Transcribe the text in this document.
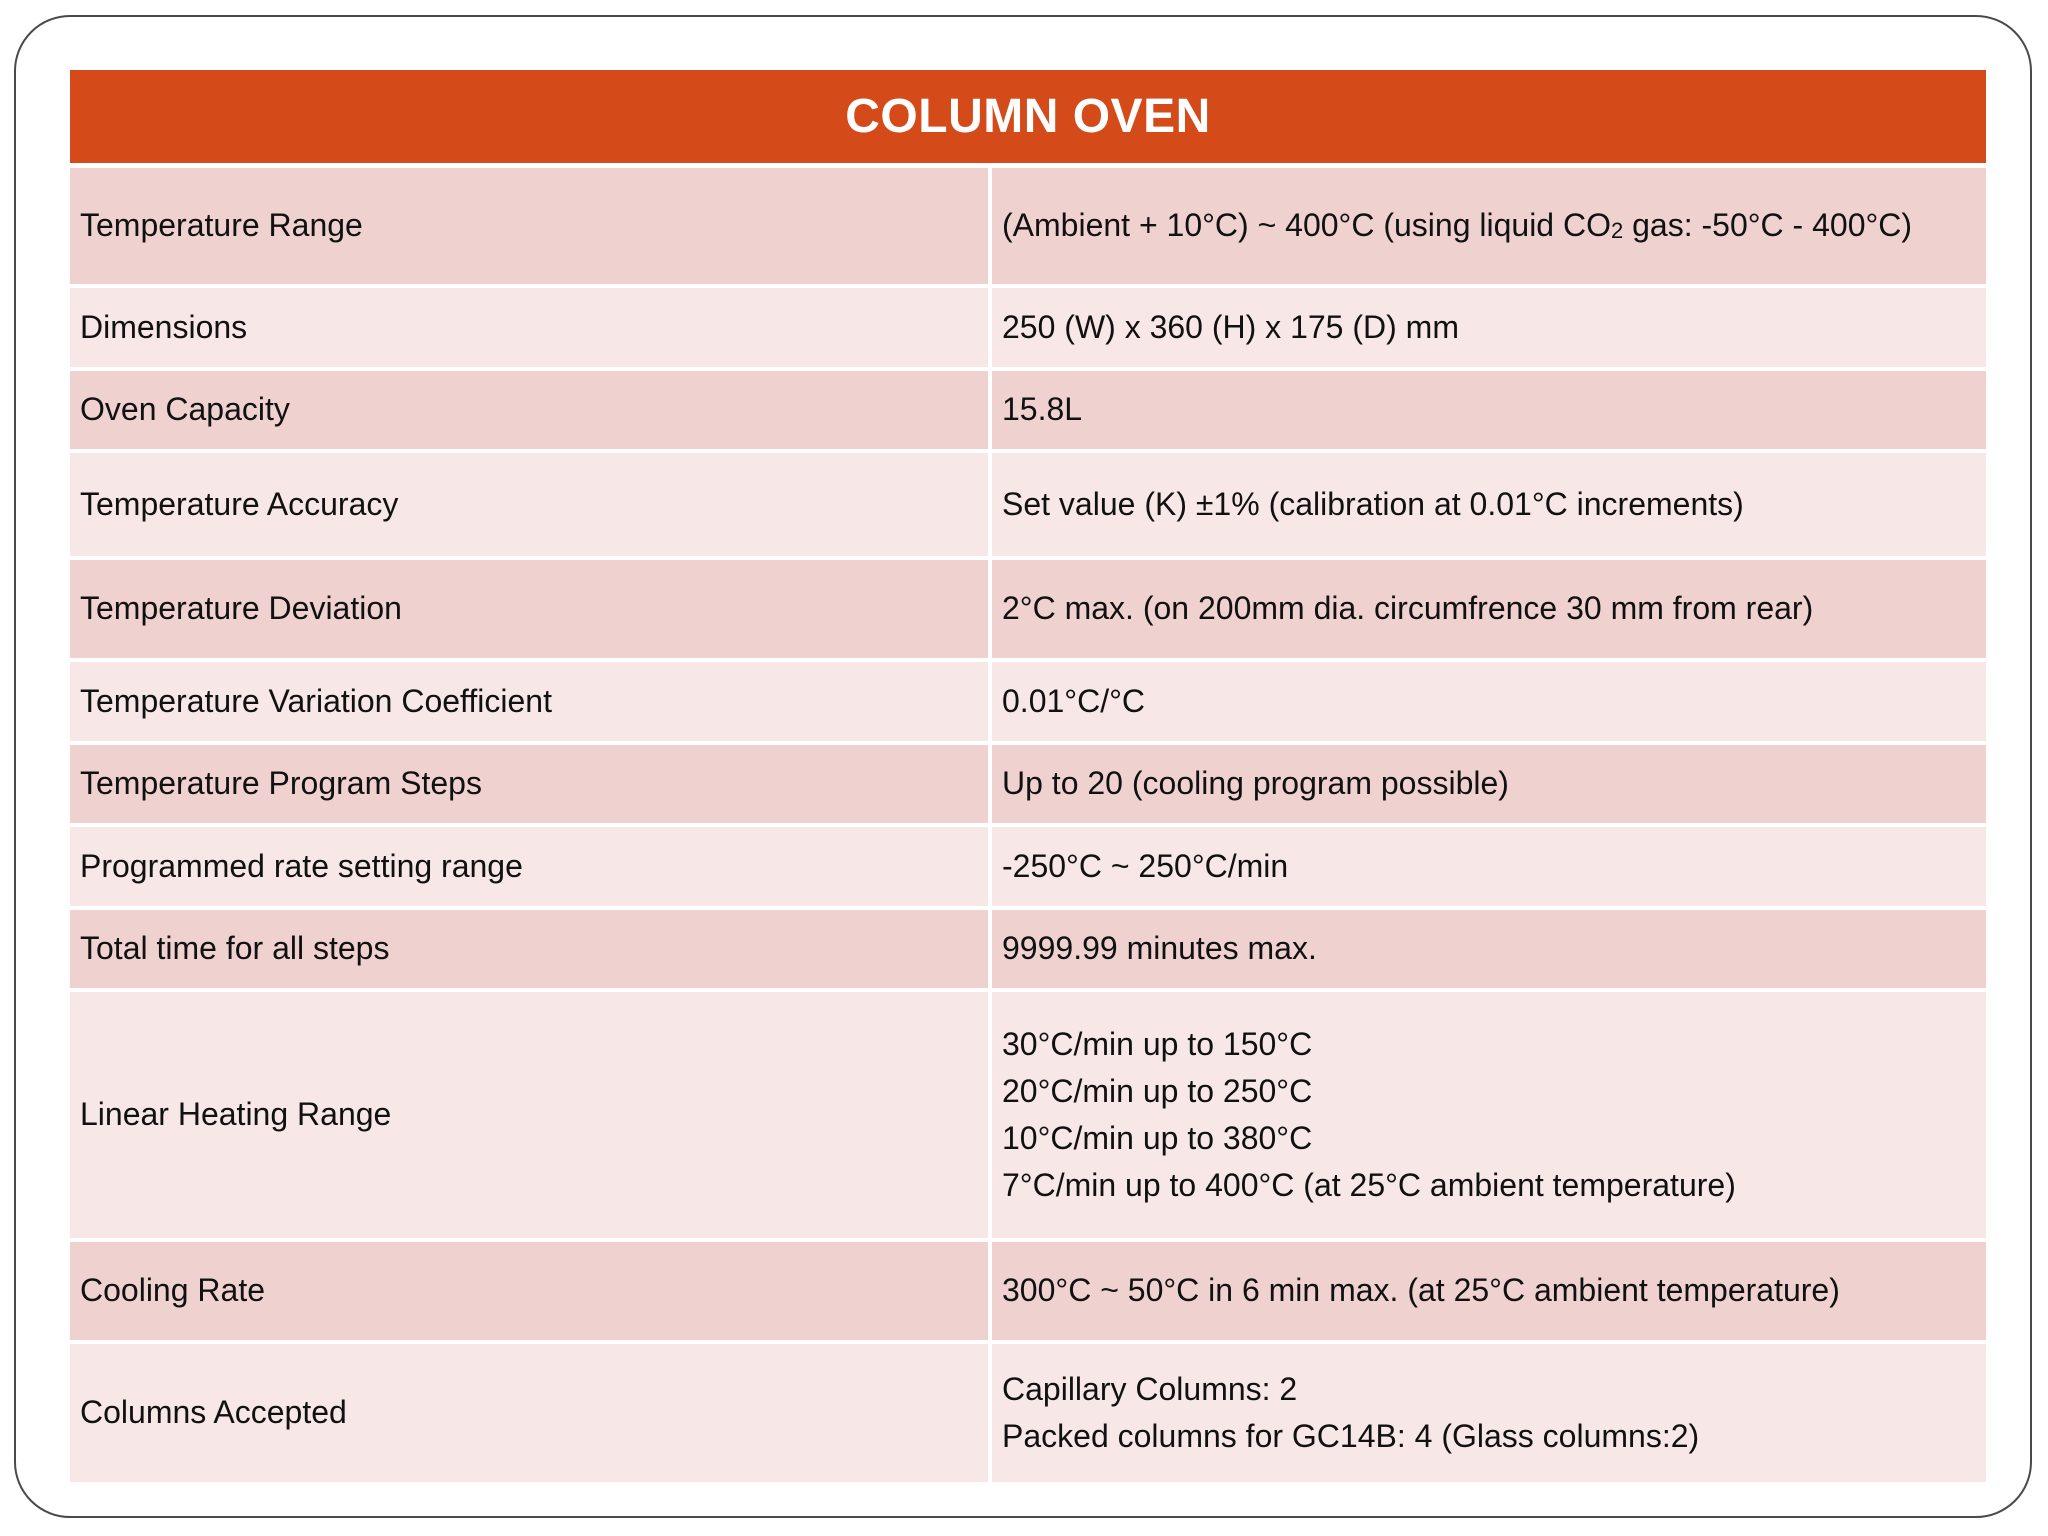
COLUMN OVEN	
Temperature Range	(Ambient + 10°C) ~ 400°C (using liquid $CO_2$ gas: -50°C - 400°C)
Dimensions	250 (W) x 360 (H) x 175 (D) mm
Oven Capacity	15.8L
Temperature Accuracy	Set value (K) ±1% (calibration at 0.01°C increments)
Temperature Deviation	2°C max. (on 200mm dia. circumfrence 30 mm from rear)
Temperature Variation Coefficient	0.01°C/°C
Temperature Program Steps	Up to 20 (cooling program possible)
Programmed rate setting range	-250°C ~ 250°C/min
Total time for all steps	9999.99 minutes max.
Linear Heating Range	30°C/min up to 150°C
20°C/min up to 250°C
10°C/min up to 380°C
7°C/min up to 400°C (at 25°C ambient temperature)

Cooling Rate	300°C ~ 50°C in 6 min max. (at 25°C ambient temperature)
Columns Accepted	Capillary Columns: 2
Packed columns for GC14B: 4 (Glass columns:2)
